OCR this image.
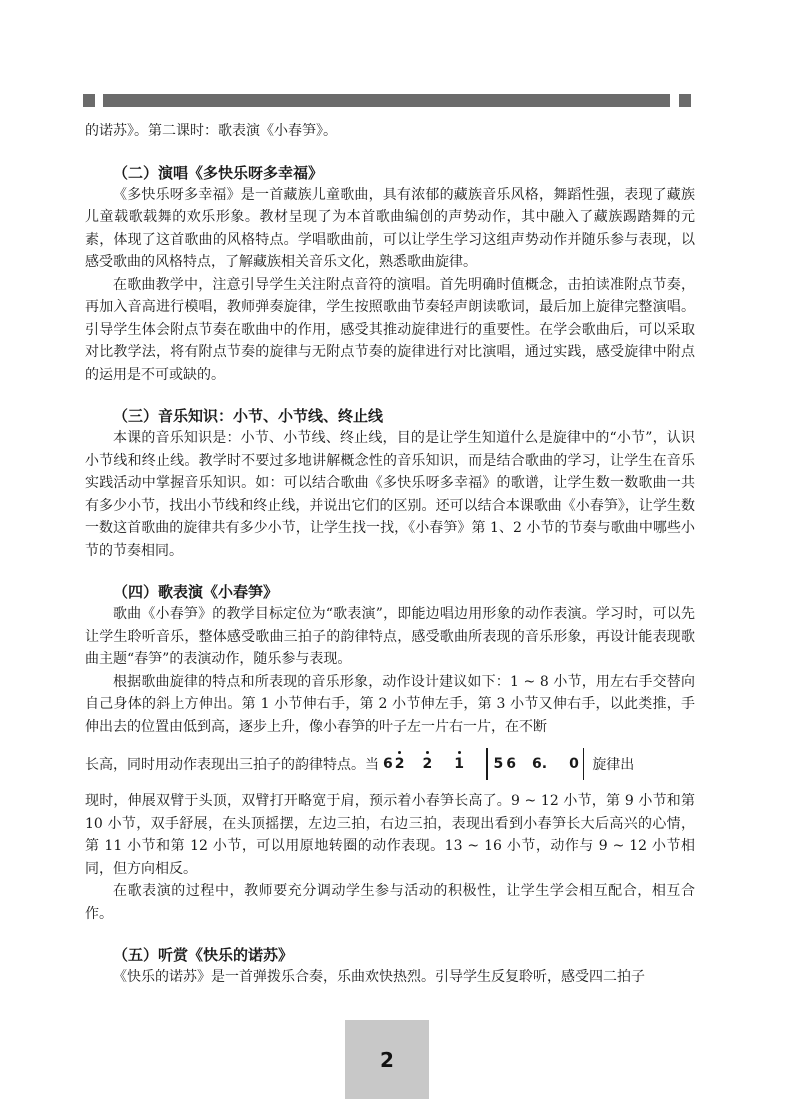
的诺苏》。第二课时：歌表演《小春笋》。

（二）演唱《多快乐呀多幸福》

《多快乐呀多幸福》是一首藏族儿童歌曲，具有浓郁的藏族音乐风格，舞蹈性强，表现了藏族儿童载歌载舞的欢乐形象。教材呈现了为本首歌曲编创的声势动作，其中融入了藏族踢踏舞的元素，体现了这首歌曲的风格特点。学唱歌曲前，可以让学生学习这组声势动作并随乐参与表现，以感受歌曲的风格特点，了解藏族相关音乐文化，熟悉歌曲旋律。

在歌曲教学中，注意引导学生关注附点音符的演唱。首先明确时值概念，击拍读准附点节奏，再加入音高进行模唱，教师弹奏旋律，学生按照歌曲节奏轻声朗读歌词，最后加上旋律完整演唱。引导学生体会附点节奏在歌曲中的作用，感受其推动旋律进行的重要性。在学会歌曲后，可以采取对比教学法，将有附点节奏的旋律与无附点节奏的旋律进行对比演唱，通过实践，感受旋律中附点的运用是不可或缺的。

（三）音乐知识：小节、小节线、终止线

本课的音乐知识是：小节、小节线、终止线，目的是让学生知道什么是旋律中的“小节”，认识小节线和终止线。教学时不要过多地讲解概念性的音乐知识，而是结合歌曲的学习，让学生在音乐实践活动中掌握音乐知识。如：可以结合歌曲《多快乐呀多幸福》的歌谱，让学生数一数歌曲一共有多少小节，找出小节线和终止线，并说出它们的区别。还可以结合本课歌曲《小春笋》，让学生数一数这首歌曲的旋律共有多少小节，让学生找一找，《小春笋》第 1、2 小节的节奏与歌曲中哪些小节的节奏相同。

（四）歌表演《小春笋》

歌曲《小春笋》的教学目标定位为“歌表演”，即能边唱边用形象的动作表演。学习时，可以先让学生聆听音乐，整体感受歌曲三拍子的韵律特点，感受歌曲所表现的音乐形象，再设计能表现歌曲主题“春笋”的表演动作，随乐参与表现。

根据歌曲旋律的特点和所表现的音乐形象，动作设计建议如下：1 ~ 8 小节，用左右手交替向自己身体的斜上方伸出。第 1 小节伸右手，第 2 小节伸左手，第 3 小节又伸右手，以此类推，手伸出去的位置由低到高，逐步上升，像小春笋的叶子左一片右一片，在不断

长高，同时用动作表现出三拍子的韵律特点。当 6 2 2 1 5 6 6. 0 旋律出

现时，伸展双臂于头顶，双臂打开略宽于肩，预示着小春笋长高了。9 ~ 12 小节，第 9 小节和第 10 小节，双手舒展，在头顶摇摆，左边三拍，右边三拍，表现出看到小春笋长大后高兴的心情，第 11 小节和第 12 小节，可以用原地转圈的动作表现。13 ~ 16 小节，动作与 9 ~ 12 小节相同，但方向相反。

在歌表演的过程中，教师要充分调动学生参与活动的积极性，让学生学会相互配合，相互合作。

（五）听赏《快乐的诺苏》

《快乐的诺苏》是一首弹拨乐合奏，乐曲欢快热烈。引导学生反复聆听，感受四二拍子

2
